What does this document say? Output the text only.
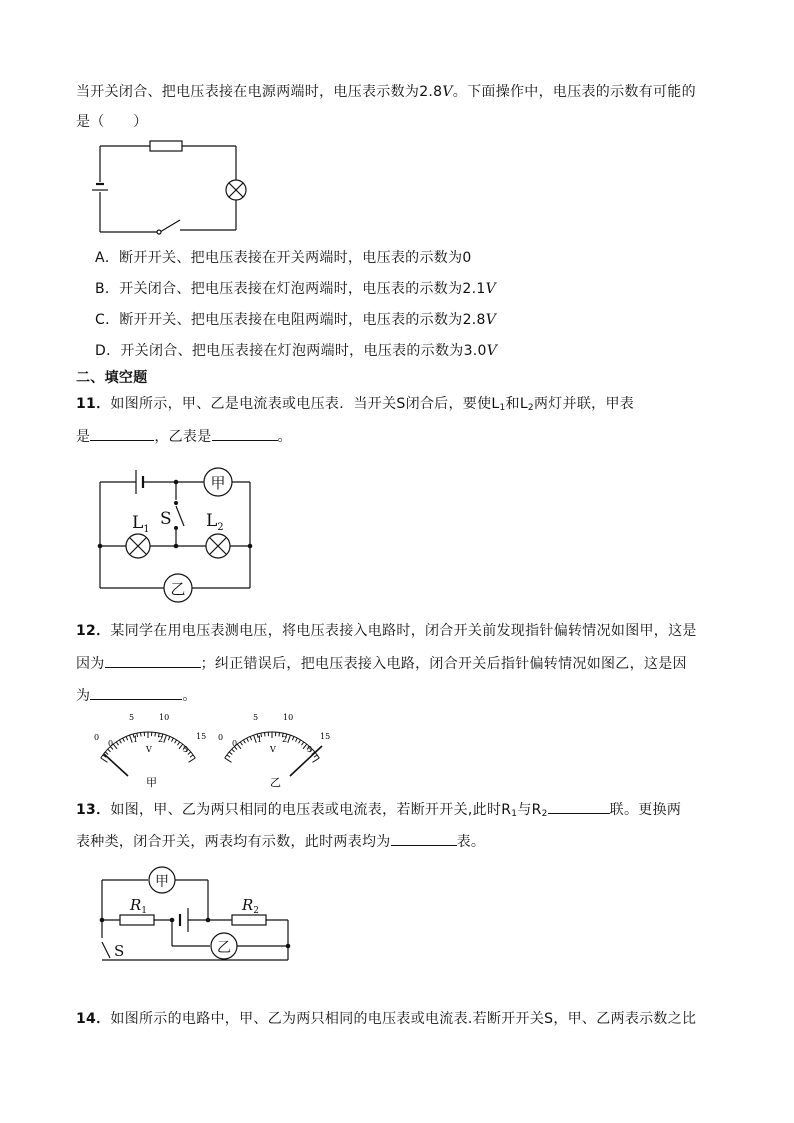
当开关闭合、把电压表接在电源两端时，电压表示数为2.8V。下面操作中，电压表的示数有可能的
是（　　）
A．断开开关、把电压表接在开关两端时，电压表的示数为0
B．开关闭合、把电压表接在灯泡两端时，电压表的示数为2.1V
C．断开开关、把电压表接在电阻两端时，电压表的示数为2.8V
D．开关闭合、把电压表接在灯泡两端时，电压表的示数为3.0V
二、填空题
11．如图所示，甲、乙是电流表或电压表．当开关S闭合后，要使$L_1$和$L_2$两灯并联，甲表
是	，乙表是	。
甲
乙
S
$L_1$	$L_2$
12．某同学在用电压表测电压，将电压表接入电路时，闭合开关前发现指针偏转情况如图甲，这是
因为	；纠正错误后，把电压表接入电路，闭合开关后指针偏转情况如图乙，这是因
为	。
0
5	10
15
0 1 2
3
V
甲
0
5	10
15
0 1 2
3
V
乙
13．如图，甲、乙为两只相同的电压表或电流表，若断开开关,此时$R_1$与$R_2$	联。更换两
表种类，闭合开关，两表均有示数，此时两表均为	表。
甲
乙
S
$R_1$	$R_2$
14．如图所示的电路中，甲、乙为两只相同的电压表或电流表.若断开开关S，甲、乙两表示数之比
